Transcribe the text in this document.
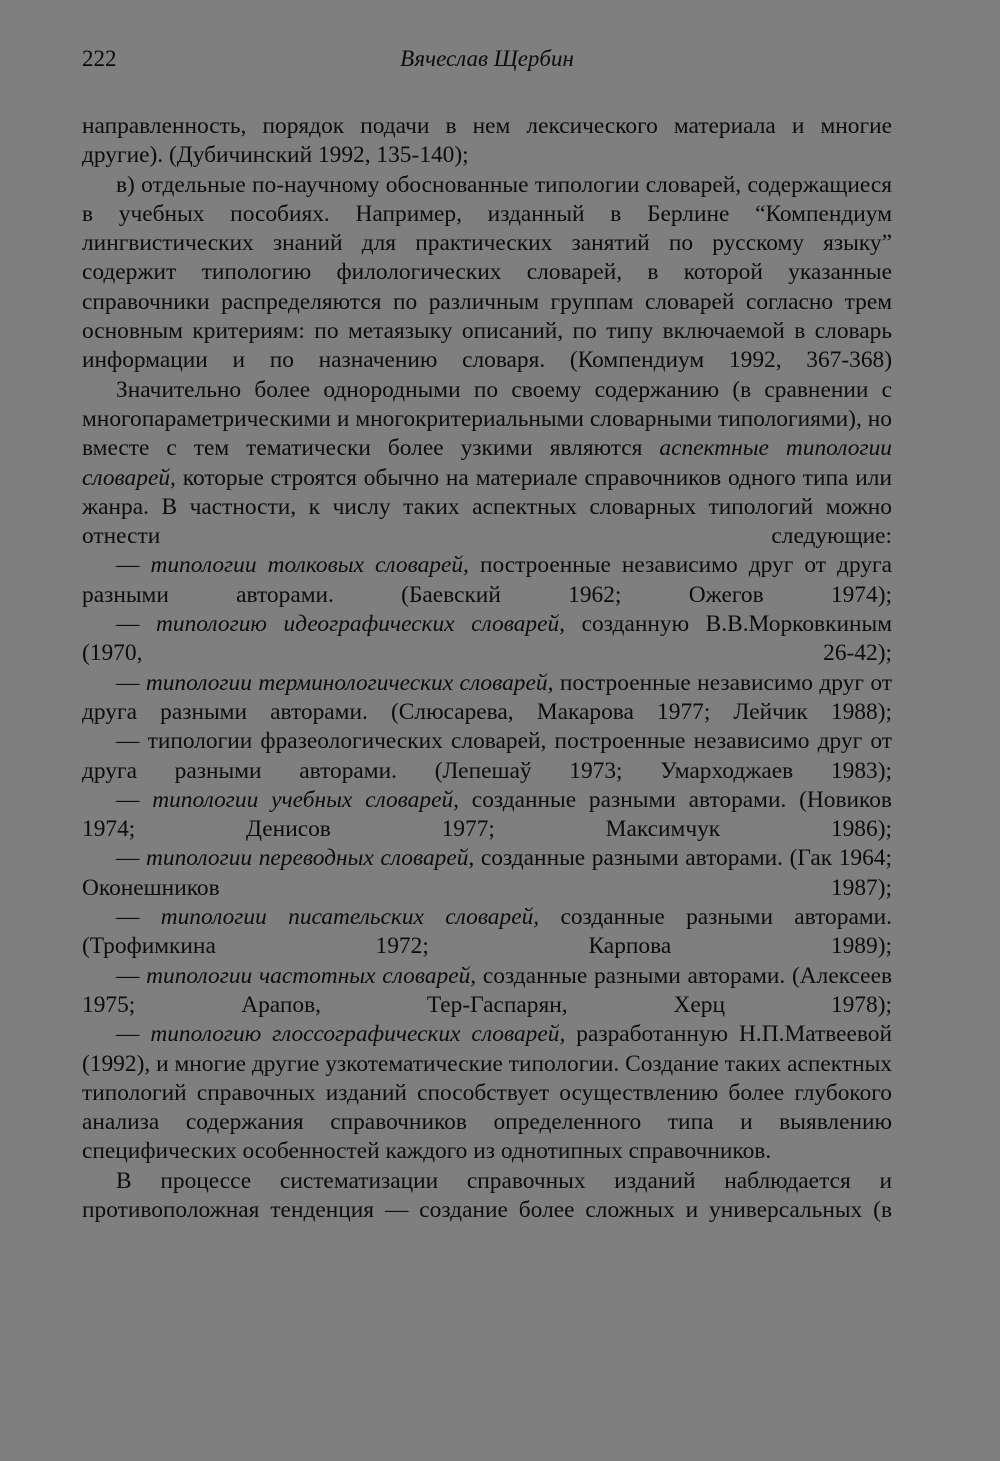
222	Вячеслав Щербин

направленность, порядок подачи в нем лексического материала и многие другие). (Дубичинский 1992, 135-140);

в) отдельные по-научному обоснованные типологии словарей, содержащиеся в учебных пособиях. Например, изданный в Берлине “Компендиум лингвистических знаний для практических занятий по русскому языку” содержит типологию филологических словарей, в которой указанные справочники распределяются по различным группам словарей согласно трем основным критериям: по метаязыку описаний, по типу включаемой в словарь информации и по назначению словаря. (Компендиум 1992, 367-368)

Значительно более однородными по своему содержанию (в сравнении с многопараметрическими и многокритериальными словарными типологиями), но вместе с тем тематически более узкими являются аспектные типологии словарей, которые строятся обычно на материале справочников одного типа или жанра. В частности, к числу таких аспектных словарных типологий можно отнести следующие:

— типологии толковых словарей, построенные независимо друг от друга разными авторами. (Баевский 1962; Ожегов 1974);

— типологию идеографических словарей, созданную В.В.Морковкиным (1970, 26-42);

— типологии терминологических словарей, построенные независимо друг от друга разными авторами. (Слюсарева, Макарова 1977; Лейчик 1988);

— типологии фразеологических словарей, построенные независимо друг от друга разными авторами. (Лепешаў 1973; Умарходжаев 1983);

— типологии учебных словарей, созданные разными авторами. (Новиков 1974; Денисов 1977; Максимчук 1986);

— типологии переводных словарей, созданные разными авторами. (Гак 1964; Оконешников 1987);

— типологии писательских словарей, созданные разными авторами. (Трофимкина 1972; Карпова 1989);

— типологии частотных словарей, созданные разными авторами. (Алексеев 1975; Арапов, Тер-Гаспарян, Херц 1978);

— типологию глоссографических словарей, разработанную Н.П.Матвеевой (1992), и многие другие узкотематические типологии. Создание таких аспектных типологий справочных изданий способствует осуществлению более глубокого анализа содержания справочников определенного типа и выявлению специфических особенностей каждого из однотипных справочников.

В процессе систематизации справочных изданий наблюдается и противоположная тенденция — создание более сложных и универсальных (в
